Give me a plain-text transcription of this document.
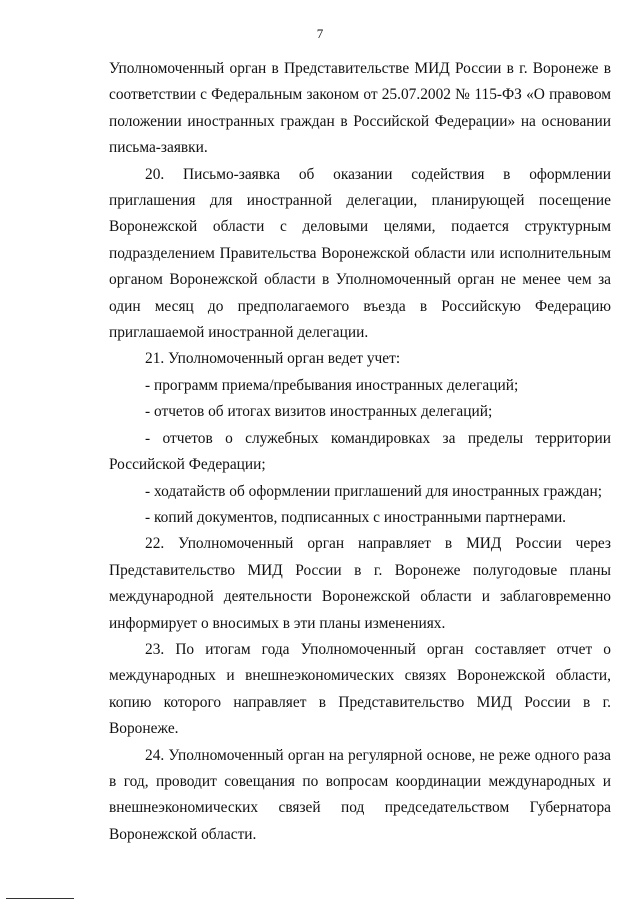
7

Уполномоченный орган в Представительстве МИД России в г. Воронеже в соответствии с Федеральным законом от 25.07.2002 № 115-ФЗ «О правовом положении иностранных граждан в Российской Федерации» на основании письма-заявки.

20. Письмо-заявка об оказании содействия в оформлении приглашения для иностранной делегации, планирующей посещение Воронежской области с деловыми целями, подается структурным подразделением Правительства Воронежской области или исполнительным органом Воронежской области в Уполномоченный орган не менее чем за один месяц до предполагаемого въезда в Российскую Федерацию приглашаемой иностранной делегации.

21. Уполномоченный орган ведет учет:

- программ приема/пребывания иностранных делегаций;

- отчетов об итогах визитов иностранных делегаций;

- отчетов о служебных командировках за пределы территории Российской Федерации;

- ходатайств об оформлении приглашений для иностранных граждан;

- копий документов, подписанных с иностранными партнерами.

22. Уполномоченный орган направляет в МИД России через Представительство МИД России в г. Воронеже полугодовые планы международной деятельности Воронежской области и заблаговременно информирует о вносимых в эти планы изменениях.

23. По итогам года Уполномоченный орган составляет отчет о международных и внешнеэкономических связях Воронежской области, копию которого направляет в Представительство МИД России в г. Воронеже.

24. Уполномоченный орган на регулярной основе, не реже одного раза в год, проводит совещания по вопросам координации международных и внешнеэкономических связей под председательством Губернатора Воронежской области.
